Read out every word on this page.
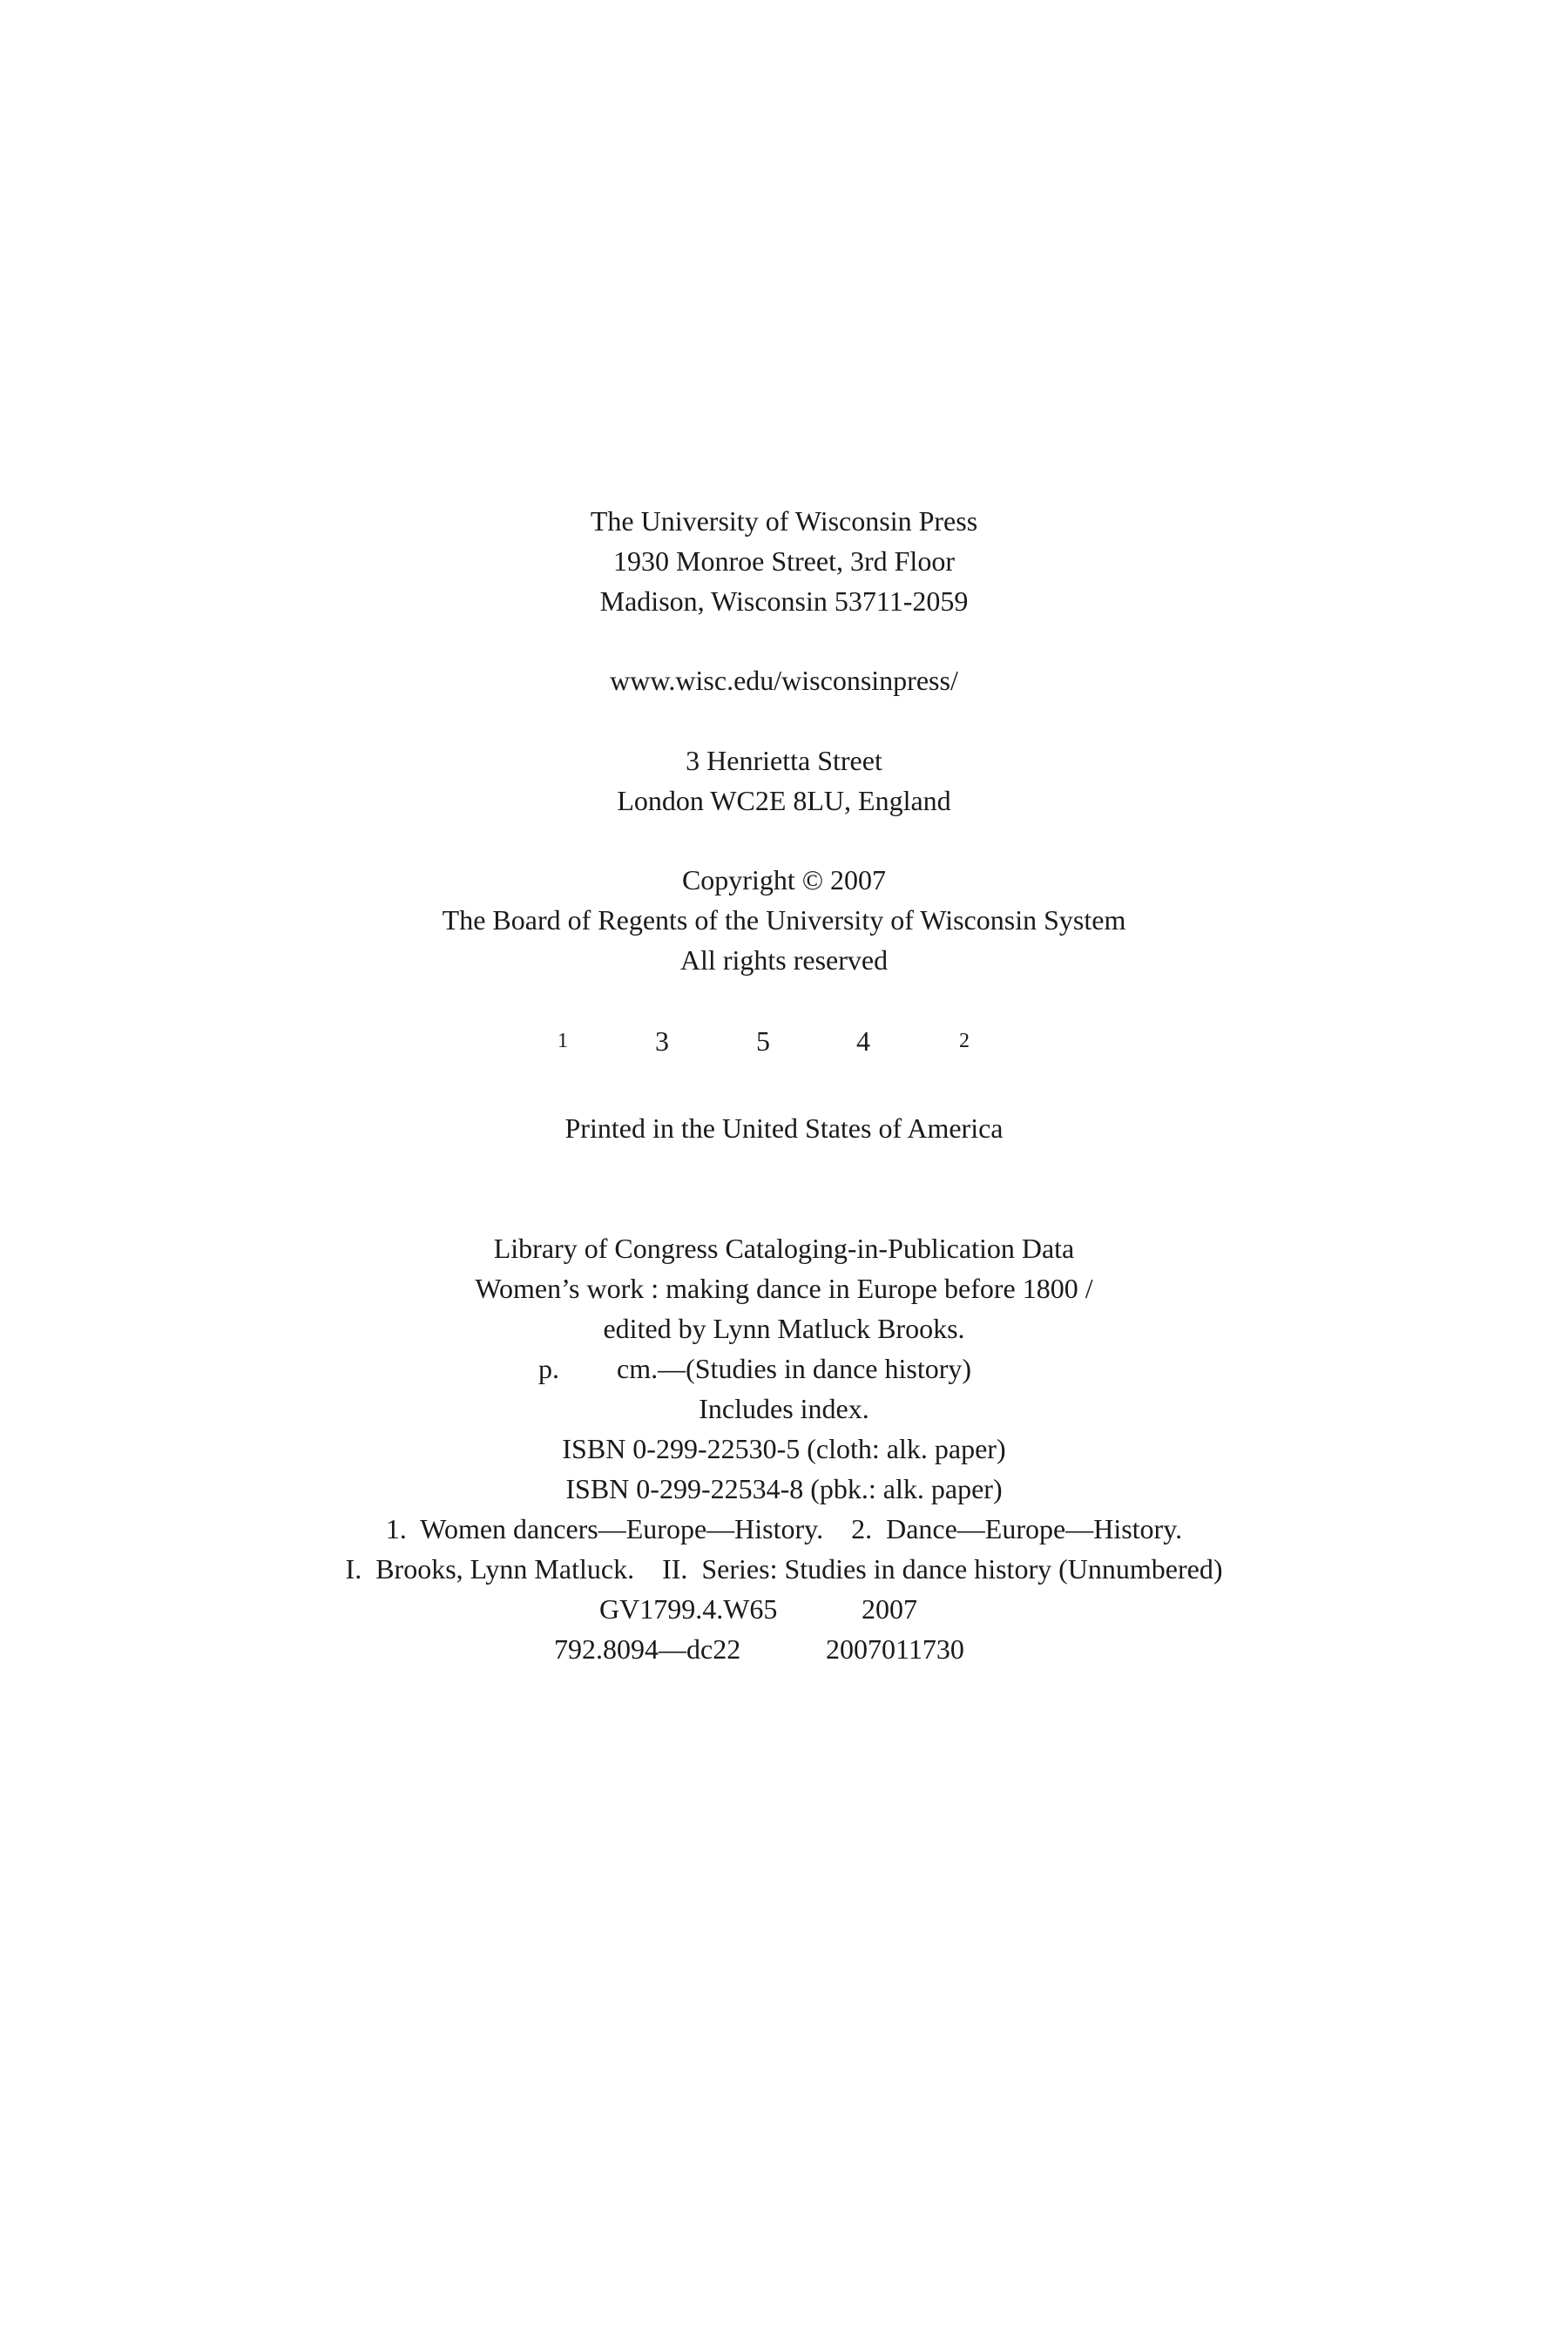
The University of Wisconsin Press
1930 Monroe Street, 3rd Floor
Madison, Wisconsin 53711-2059
www.wisc.edu/wisconsinpress/
3 Henrietta Street
London WC2E 8LU, England
Copyright © 2007
The Board of Regents of the University of Wisconsin System
All rights reserved
1	3	5	4	2
Printed in the United States of America
Library of Congress Cataloging-in-Publication Data
Women’s work : making dance in Europe before 1800 /
edited by Lynn Matluck Brooks.
p. cm.—(Studies in dance history)
Includes index.
ISBN 0-299-22530-5 (cloth: alk. paper)
ISBN 0-299-22534-8 (pbk.: alk. paper)
1.  Women dancers—Europe—History.    2.  Dance—Europe—History.
I.  Brooks, Lynn Matluck.    II.  Series: Studies in dance history (Unnumbered)
GV1799.4.W65	2007
792.8094—dc22	2007011730
